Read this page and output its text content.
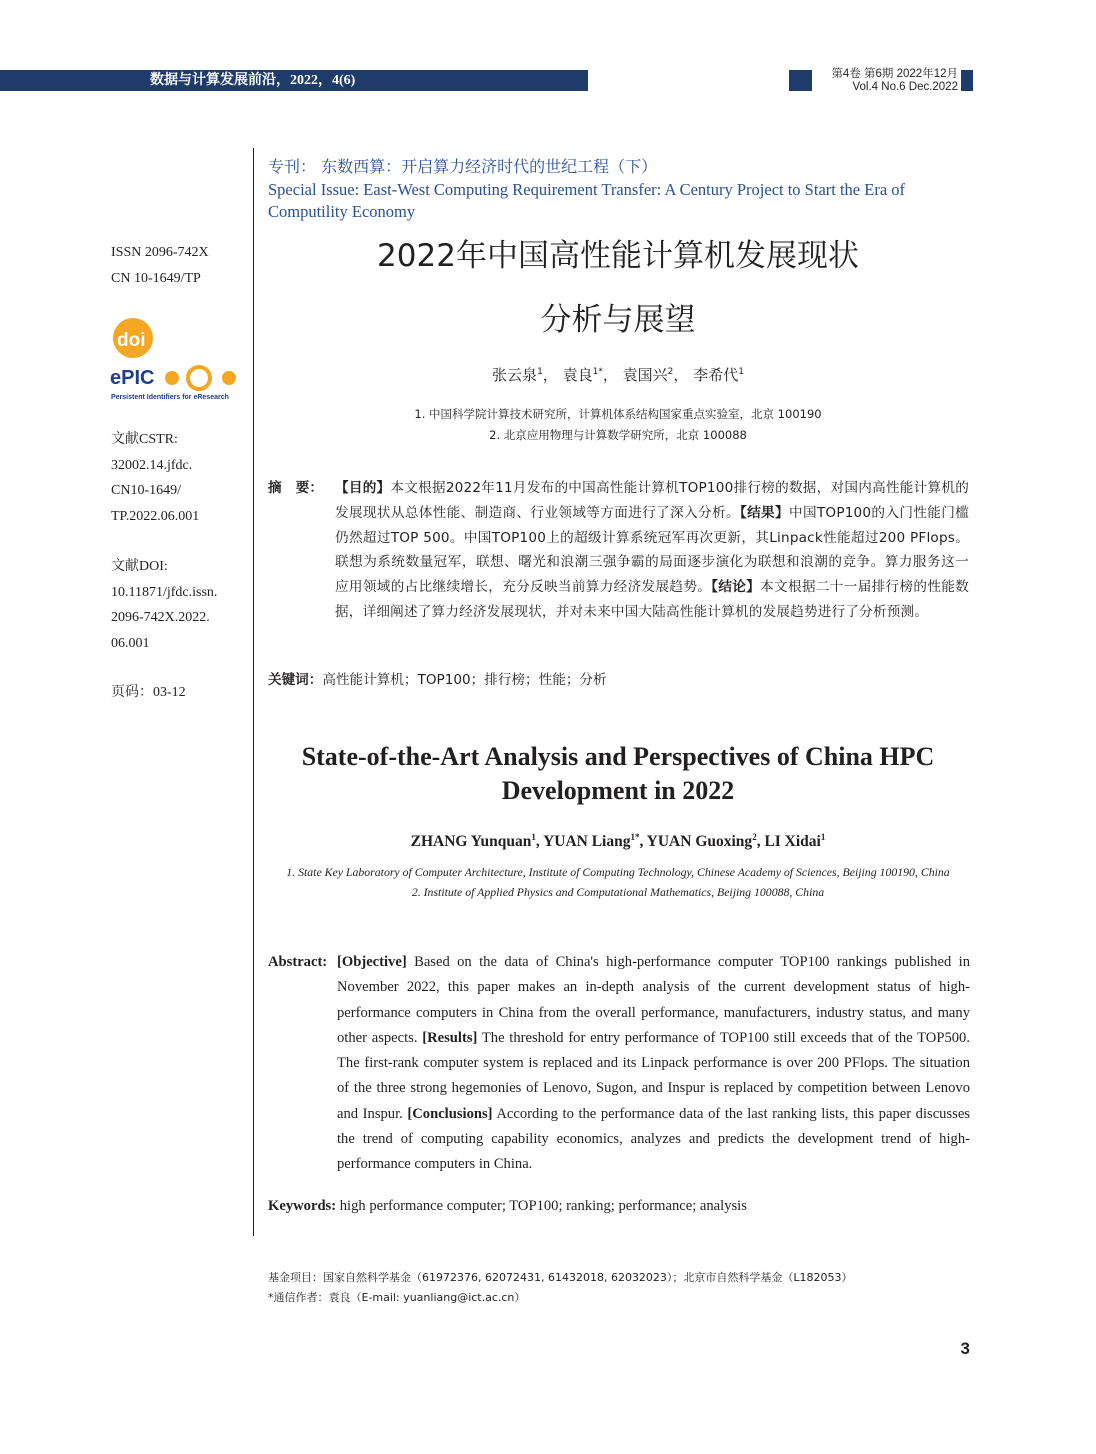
数据与计算发展前沿，2022，4(6)	第4卷 第6期 2022年12月
Vol.4 No.6 Dec.2022
ISSN 2096-742X
CN 10-1649/TP
doi
ePIC
Persistent Identifiers for eResearch
文献CSTR:
32002.14.jfdc.
CN10-1649/
TP.2022.06.001
文献DOI:
10.11871/jfdc.issn.
2096-742X.2022.
06.001
页码：03-12
专刊： 东数西算：开启算力经济时代的世纪工程（下）
Special Issue: East-West Computing Requirement Transfer: A Century Project to Start the Era of Computility Economy
2022年中国高性能计算机发展现状
分析与展望
张云泉$^1$， 袁良$^{1*}$， 袁国兴$^2$， 李希代$^1$
1. 中国科学院计算技术研究所，计算机体系结构国家重点实验室，北京 100190
2. 北京应用物理与计算数学研究所，北京 100088
摘　要： 【目的】本文根据2022年11月发布的中国高性能计算机TOP100排行榜的数据，对国内高性能计算机的发展现状从总体性能、制造商、行业领域等方面进行了深入分析。【结果】中国TOP100的入门性能门槛仍然超过TOP 500。中国TOP100上的超级计算系统冠军再次更新，其Linpack性能超过200 PFlops。联想为系统数量冠军，联想、曙光和浪潮三强争霸的局面逐步演化为联想和浪潮的竞争。算力服务这一应用领域的占比继续增长，充分反映当前算力经济发展趋势。【结论】本文根据二十一届排行榜的性能数据，详细阐述了算力经济发展现状，并对未来中国大陆高性能计算机的发展趋势进行了分析预测。
关键词：高性能计算机；TOP100；排行榜；性能；分析
State-of-the-Art Analysis and Perspectives of China HPC Development in 2022
ZHANG Yunquan$^1$, YUAN Liang$^{1*}$, YUAN Guoxing$^2$, LI Xidai$^1$
1. State Key Laboratory of Computer Architecture, Institute of Computing Technology, Chinese Academy of Sciences, Beijing 100190, China
2. Institute of Applied Physics and Computational Mathematics, Beijing 100088, China
Abstract: [Objective] Based on the data of China's high-performance computer TOP100 rankings published in November 2022, this paper makes an in-depth analysis of the current development status of high-performance computers in China from the overall performance, manufacturers, industry status, and many other aspects. [Results] The threshold for entry performance of TOP100 still exceeds that of the TOP500. The first-rank computer system is replaced and its Linpack performance is over 200 PFlops. The situation of the three strong hegemonies of Lenovo, Sugon, and Inspur is replaced by competition between Lenovo and Inspur. [Conclusions] According to the performance data of the last ranking lists, this paper discusses the trend of computing capability economics, analyzes and predicts the development trend of high-performance computers in China.
Keywords: high performance computer; TOP100; ranking; performance; analysis
基金项目：国家自然科学基金（61972376, 62072431, 61432018, 62032023）；北京市自然科学基金（L182053）
*通信作者：袁良（E-mail: yuanliang@ict.ac.cn）
3
